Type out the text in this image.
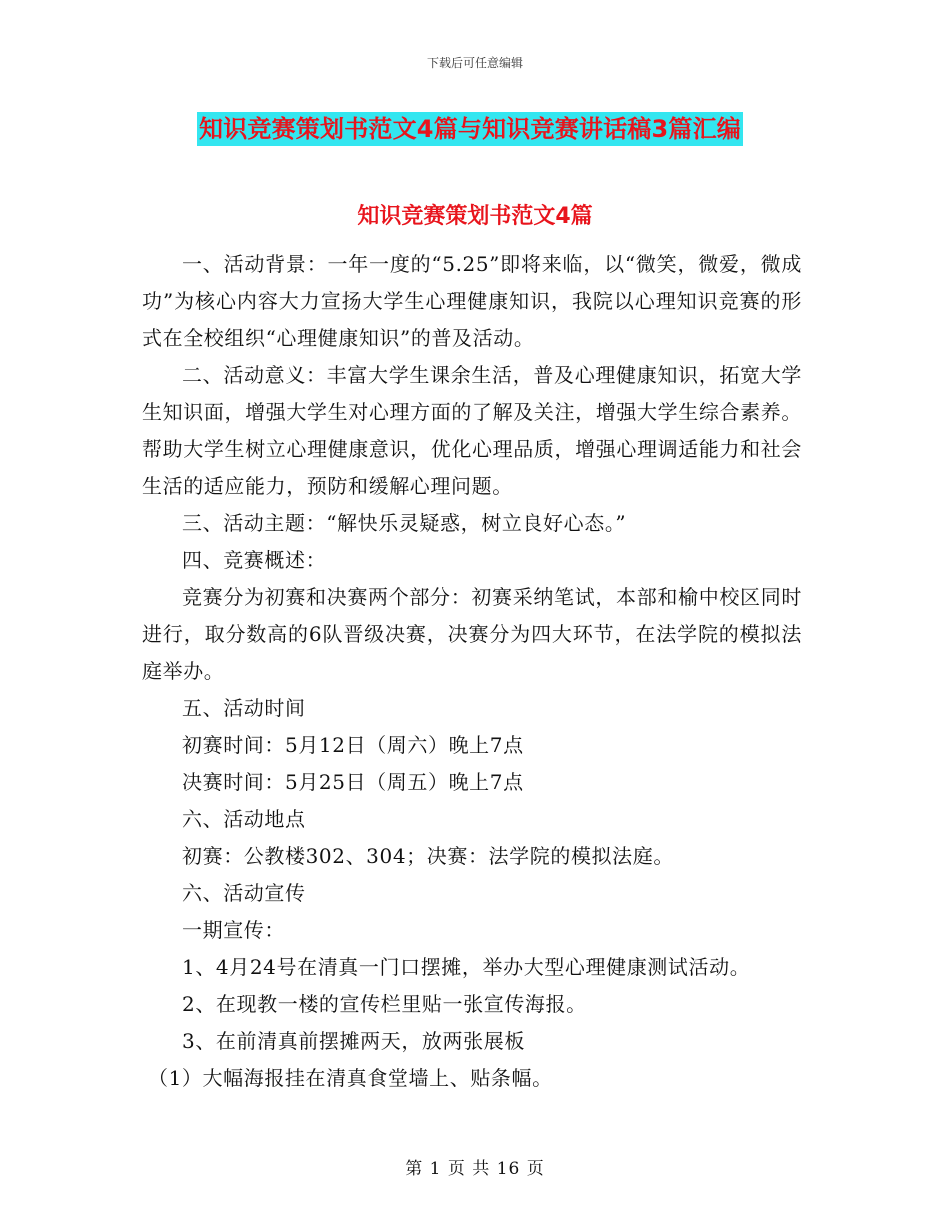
下载后可任意编辑
知识竞赛策划书范文4篇与知识竞赛讲话稿3篇汇编
知识竞赛策划书范文4篇

一、活动背景：一年一度的“5.25”即将来临，以“微笑，微爱，微成功”为核心内容大力宣扬大学生心理健康知识，我院以心理知识竞赛的形式在全校组织“心理健康知识”的普及活动。

二、活动意义：丰富大学生课余生活，普及心理健康知识，拓宽大学生知识面，增强大学生对心理方面的了解及关注，增强大学生综合素养。帮助大学生树立心理健康意识，优化心理品质，增强心理调适能力和社会生活的适应能力，预防和缓解心理问题。

三、活动主题：“解快乐灵疑惑，树立良好心态。”

四、竞赛概述：

竞赛分为初赛和决赛两个部分：初赛采纳笔试，本部和榆中校区同时进行，取分数高的6队晋级决赛，决赛分为四大环节，在法学院的模拟法庭举办。

五、活动时间

初赛时间：5月12日（周六）晚上7点

决赛时间：5月25日（周五）晚上7点

六、活动地点

初赛：公教楼302、304；决赛：法学院的模拟法庭。

六、活动宣传

一期宣传：

1、4月24号在清真一门口摆摊，举办大型心理健康测试活动。

2、在现教一楼的宣传栏里贴一张宣传海报。

3、在前清真前摆摊两天，放两张展板

（1）大幅海报挂在清真食堂墙上、贴条幅。

第 1 页 共 16 页
